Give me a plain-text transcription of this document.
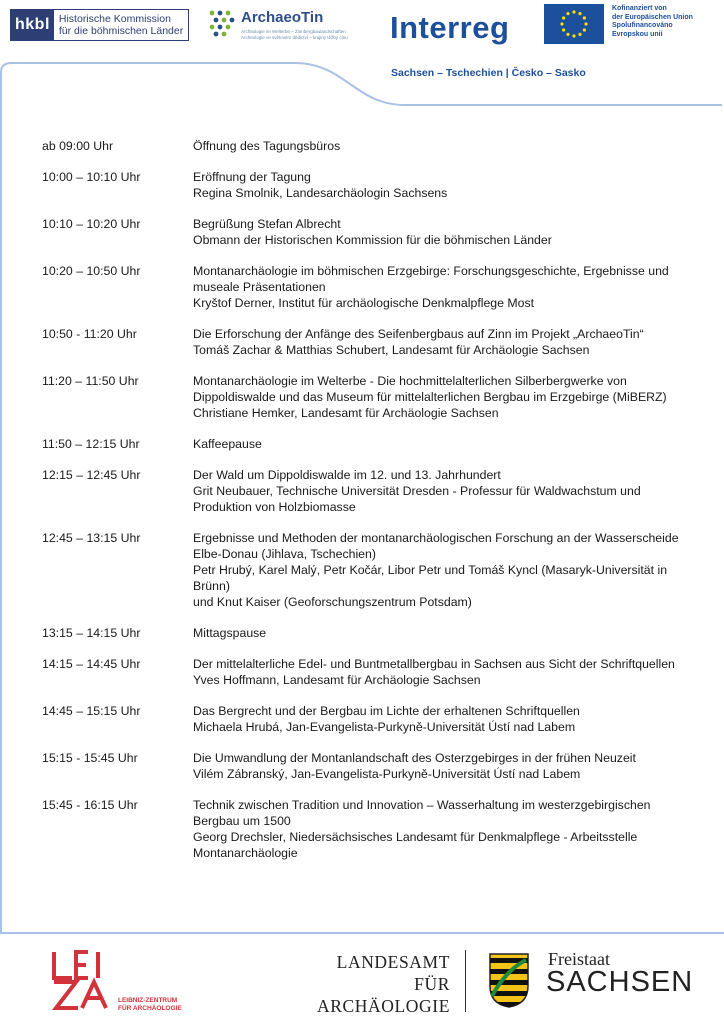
hkbl Historische Kommission
für die böhmischen Länder
ArchaeoTin
Archäologie im Welterbe – Zinnbergbaulandschaften
Archeologie ve světovém dědictví – krajiny těžby cínu	Interreg
Sachsen – Tschechien | Česko – Sasko
Kofinanziert von
der Europäischen Union
Spolufinancováno
Evropskou unií
ab 09:00 Uhr	Öffnung des Tagungsbüros
10:00 – 10:10 Uhr	Eröffnung der Tagung
Regina Smolnik, Landesarchäologin Sachsens
10:10 – 10:20 Uhr	Begrüßung Stefan Albrecht
Obmann der Historischen Kommission für die böhmischen Länder
10:20 – 10:50 Uhr	Montanarchäologie im böhmischen Erzgebirge: Forschungsgeschichte, Ergebnisse und
museale Präsentationen
Kryštof Derner, Institut für archäologische Denkmalpflege Most
10:50 - 11:20 Uhr	Die Erforschung der Anfänge des Seifenbergbaus auf Zinn im Projekt „ArchaeoTin“
Tomáš Zachar & Matthias Schubert, Landesamt für Archäologie Sachsen
11:20 – 11:50 Uhr	Montanarchäologie im Welterbe - Die hochmittelalterlichen Silberbergwerke von
Dippoldiswalde und das Museum für mittelalterlichen Bergbau im Erzgebirge (MiBERZ)
Christiane Hemker, Landesamt für Archäologie Sachsen
11:50 – 12:15 Uhr	Kaffeepause
12:15 – 12:45 Uhr	Der Wald um Dippoldiswalde im 12. und 13. Jahrhundert
Grit Neubauer, Technische Universität Dresden - Professur für Waldwachstum und
Produktion von Holzbiomasse
12:45 – 13:15 Uhr	Ergebnisse und Methoden der montanarchäologischen Forschung an der Wasserscheide
Elbe-Donau (Jihlava, Tschechien)
Petr Hrubý, Karel Malý, Petr Kočár, Libor Petr und Tomáš Kyncl (Masaryk-Universität in Brünn)
und Knut Kaiser (Geoforschungszentrum Potsdam)
13:15 – 14:15 Uhr	Mittagspause
14:15 – 14:45 Uhr	Der mittelalterliche Edel- und Buntmetallbergbau in Sachsen aus Sicht der Schriftquellen
Yves Hoffmann, Landesamt für Archäologie Sachsen
14:45 – 15:15 Uhr	Das Bergrecht und der Bergbau im Lichte der erhaltenen Schriftquellen
Michaela Hrubá, Jan-Evangelista-Purkyně-Universität Ústí nad Labem
15:15 - 15:45 Uhr	Die Umwandlung der Montanlandschaft des Osterzgebirges in der frühen Neuzeit
Vilém Zábranský, Jan-Evangelista-Purkyně-Universität Ústí nad Labem
15:45 - 16:15 Uhr	Technik zwischen Tradition und Innovation – Wasserhaltung im westerzgebirgischen
Bergbau um 1500
Georg Drechsler, Niedersächsisches Landesamt für Denkmalpflege - Arbeitsstelle
Montanarchäologie
LEIBNIZ-ZENTRUM
FÜR ARCHÄOLOGIE
LANDESAMT
FÜR ARCHÄOLOGIE
Freistaat
SACHSEN
